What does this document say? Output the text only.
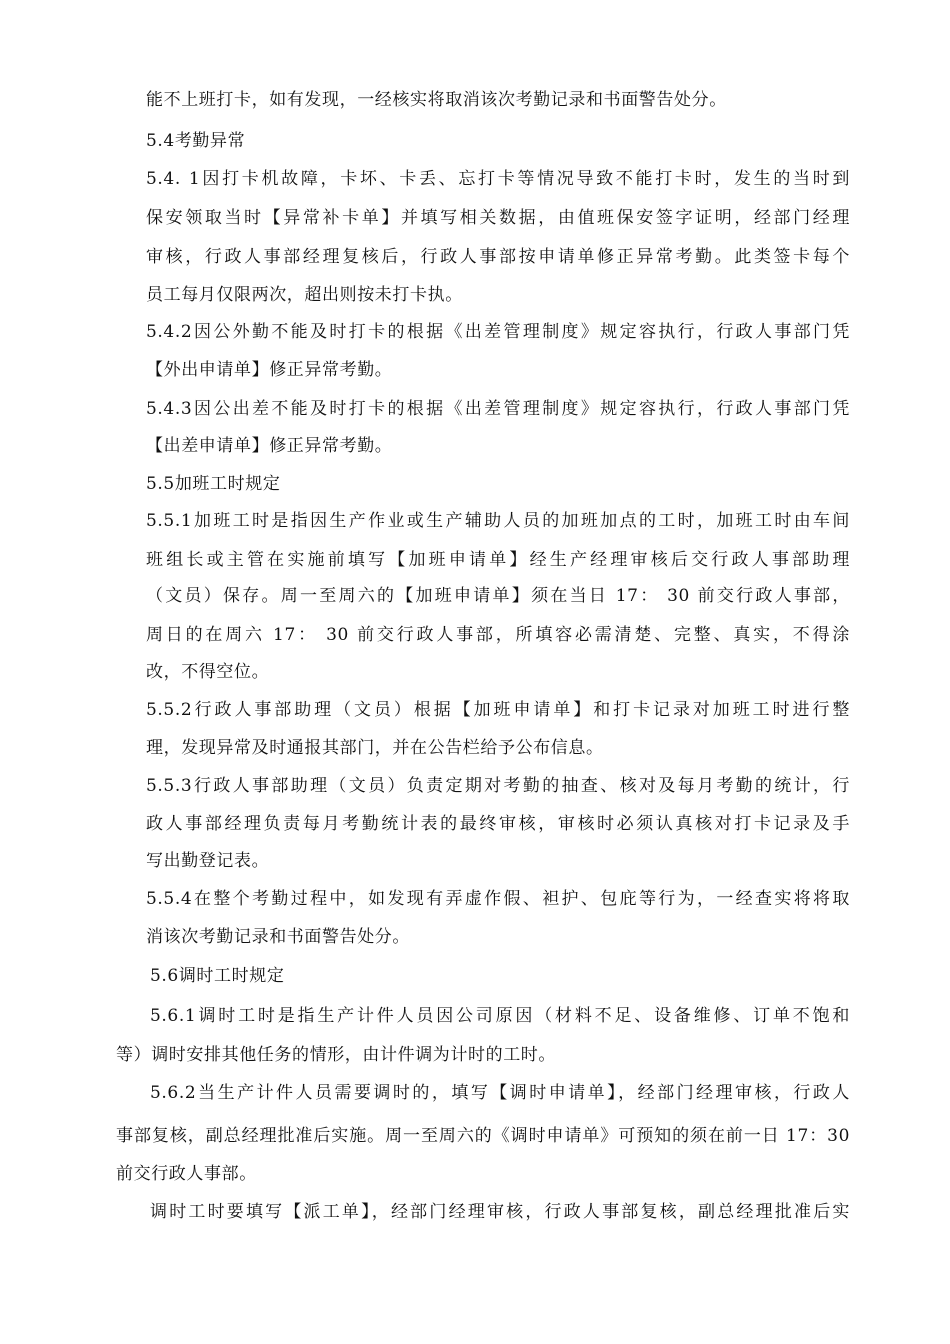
能不上班打卡，如有发现，一经核实将取消该次考勤记录和书面警告处分。
5.4考勤异常
5.4. 1因打卡机故障，卡坏、卡丢、忘打卡等情况导致不能打卡时，发生的当时到
保安领取当时【异常补卡单】并填写相关数据，由值班保安签字证明，经部门经理
审核，行政人事部经理复核后，行政人事部按申请单修正异常考勤。此类签卡每个
员工每月仅限两次，超出则按未打卡执。
5.4.2因公外勤不能及时打卡的根据《出差管理制度》规定容执行，行政人事部门凭
【外出申请单】修正异常考勤。
5.4.3因公出差不能及时打卡的根据《出差管理制度》规定容执行，行政人事部门凭
【出差申请单】修正异常考勤。
5.5加班工时规定
5.5.1加班工时是指因生产作业或生产辅助人员的加班加点的工时，加班工时由车间
班组长或主管在实施前填写【加班申请单】经生产经理审核后交行政人事部助理
（文员）保存。周一至周六的【加班申请单】须在当日 17： 30 前交行政人事部，
周日的在周六 17： 30 前交行政人事部，所填容必需清楚、完整、真实，不得涂
改，不得空位。
5.5.2行政人事部助理（文员）根据【加班申请单】和打卡记录对加班工时进行整
理，发现异常及时通报其部门，并在公告栏给予公布信息。
5.5.3行政人事部助理（文员）负责定期对考勤的抽查、核对及每月考勤的统计，行
政人事部经理负责每月考勤统计表的最终审核，审核时必须认真核对打卡记录及手
写出勤登记表。
5.5.4在整个考勤过程中，如发现有弄虚作假、袒护、包庇等行为，一经查实将将取
消该次考勤记录和书面警告处分。
5.6调时工时规定
5.6.1调时工时是指生产计件人员因公司原因（材料不足、设备维修、订单不饱和
等）调时安排其他任务的情形，由计件调为计时的工时。
5.6.2当生产计件人员需要调时的，填写【调时申请单】，经部门经理审核，行政人
事部复核，副总经理批准后实施。周一至周六的《调时申请单》可预知的须在前一日 17：30
前交行政人事部。
调时工时要填写【派工单】，经部门经理审核，行政人事部复核，副总经理批准后实
